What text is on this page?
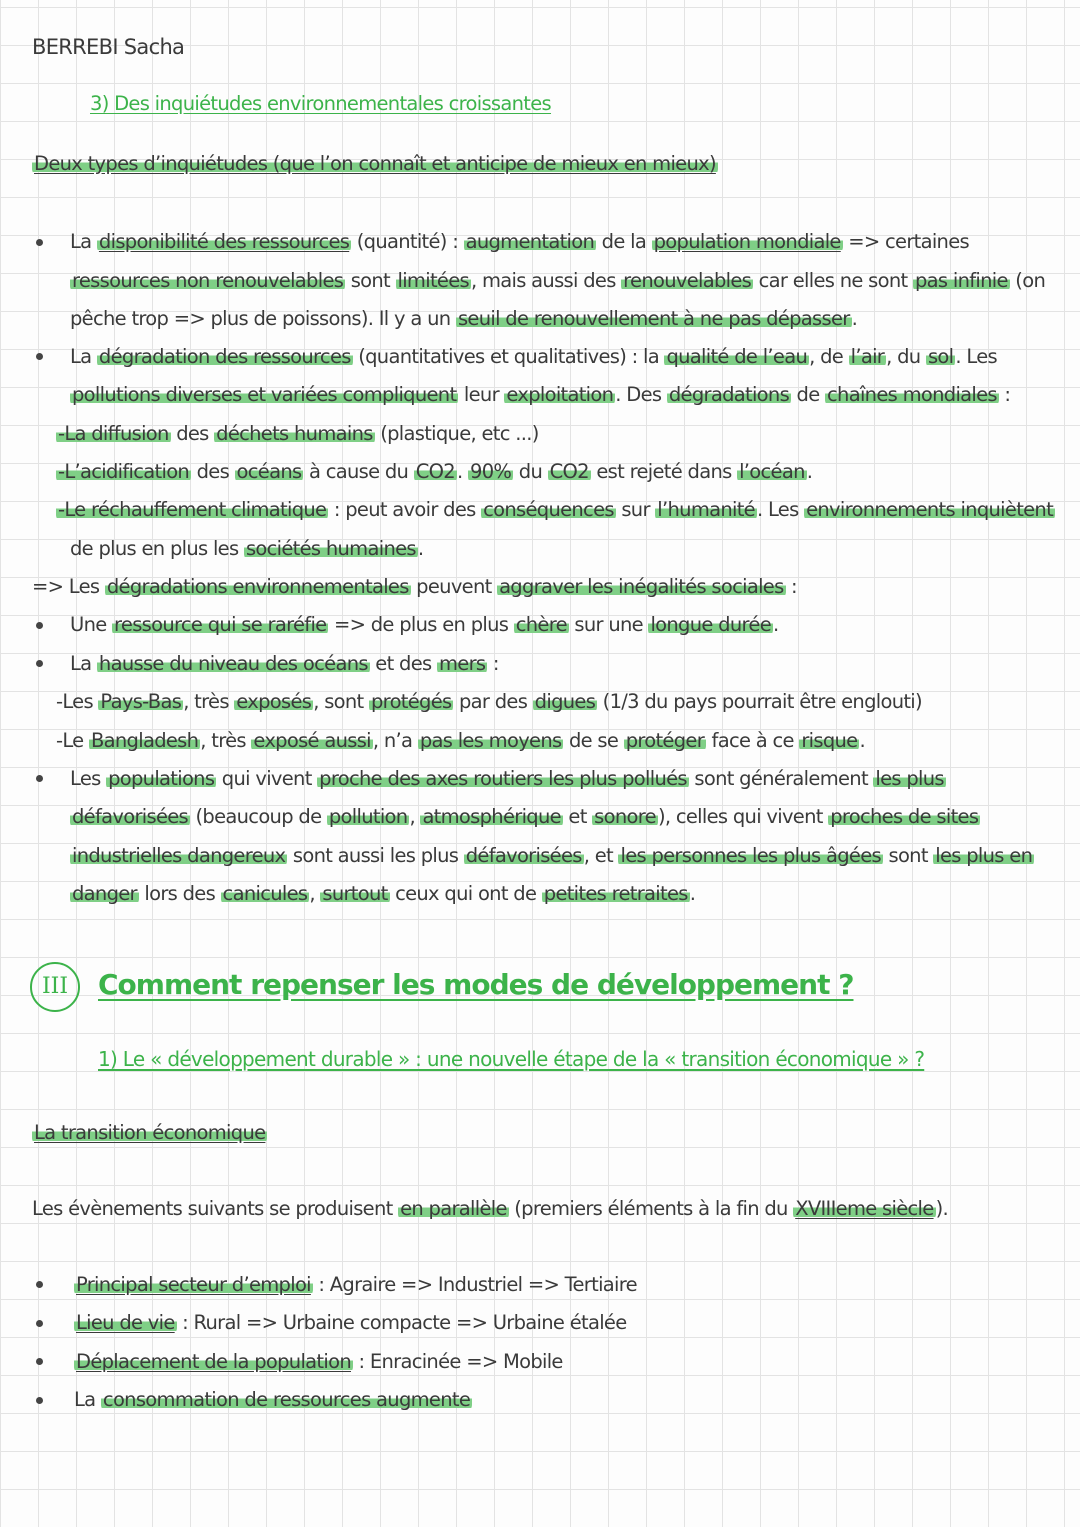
BERREBI Sacha
3) Des inquiétudes environnementales croissantes
Deux types d’inquiétudes (que l’on connaît et anticipe de mieux en mieux)
La disponibilité des ressources (quantité) : augmentation de la population mondiale => certaines
ressources non renouvelables sont limitées , mais aussi des renouvelables car elles ne sont pas infinie (on
pêche trop => plus de poissons). Il y a un seuil de renouvellement à ne pas dépasser .
La dégradation des ressources (quantitatives et qualitatives) : la qualité de l’eau , de l’air , du sol . Les
pollutions diverses et variées compliquent leur exploitation . Des dégradations de chaînes mondiales :
-La diffusion des déchets humains (plastique, etc ...)
-L’acidification des océans à cause du CO2 . 90% du CO2 est rejeté dans l’océan .
-Le réchauffement climatique : peut avoir des conséquences sur l’humanité . Les environnements inquiètent
de plus en plus les sociétés humaines .
=> Les dégradations environnementales peuvent aggraver les inégalités sociales :
Une ressource qui se raréfie => de plus en plus chère sur une longue durée .
La hausse du niveau des océans et des mers :
-Les Pays-Bas , très exposés , sont protégés par des digues (1/3 du pays pourrait être englouti)
-Le Bangladesh , très exposé aussi , n’a pas les moyens de se protéger face à ce risque .
Les populations qui vivent proche des axes routiers les plus pollués sont généralement les plus
défavorisées (beaucoup de pollution , atmosphérique et sonore ), celles qui vivent proches de sites
industrielles dangereux sont aussi les plus défavorisées , et les personnes les plus âgées sont les plus en
danger lors des canicules , surtout ceux qui ont de petites retraites .
III	Comment repenser les modes de développement ?
1) Le « développement durable » : une nouvelle étape de la « transition économique » ?
La transition économique
Les évènements suivants se produisent en parallèle (premiers éléments à la fin du XVIIIeme siècle ).
Principal secteur d’emploi : Agraire => Industriel => Tertiaire
Lieu de vie : Rural => Urbaine compacte => Urbaine étalée
Déplacement de la population : Enracinée => Mobile
La consommation de ressources augmente
